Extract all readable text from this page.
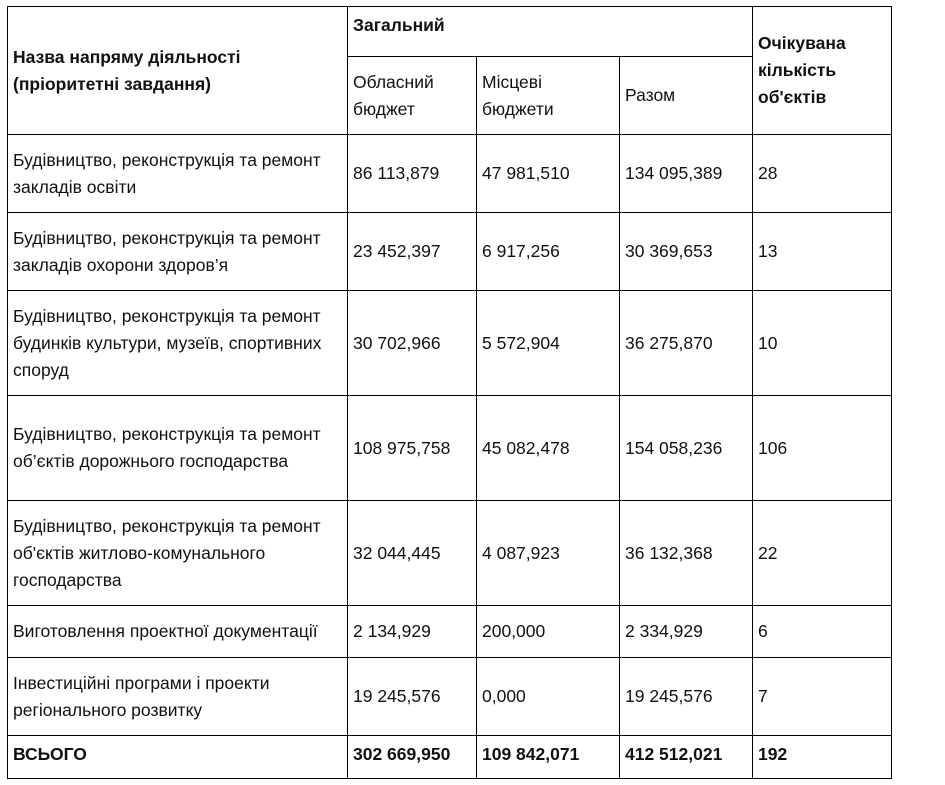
Назва напряму діяльності (пріоритетні завдання)	Загальний			Очікувана кількість об'єктів
	Обласний бюджет	Місцеві бюджети	Разом	
Будівництво, реконструкція та ремонт закладів освіти	86 113,879	47 981,510	134 095,389	28
Будівництво, реконструкція та ремонт закладів охорони здоров’я	23 452,397	6 917,256	30 369,653	13
Будівництво, реконструкція та ремонт будинків культури, музеїв, спортивних споруд	30 702,966	5 572,904	36 275,870	10
Будівництво, реконструкція та ремонт об’єктів дорожнього господарства	108 975,758	45 082,478	154 058,236	106
Будівництво, реконструкція та ремонт об'єктів житлово-комунального господарства	32 044,445	4 087,923	36 132,368	22
Виготовлення проектної документації	2 134,929	200,000	2 334,929	6
Інвестиційні програми і проекти регіонального розвитку	19 245,576	0,000	19 245,576	7
ВСЬОГО	302 669,950	109 842,071	412 512,021	192
